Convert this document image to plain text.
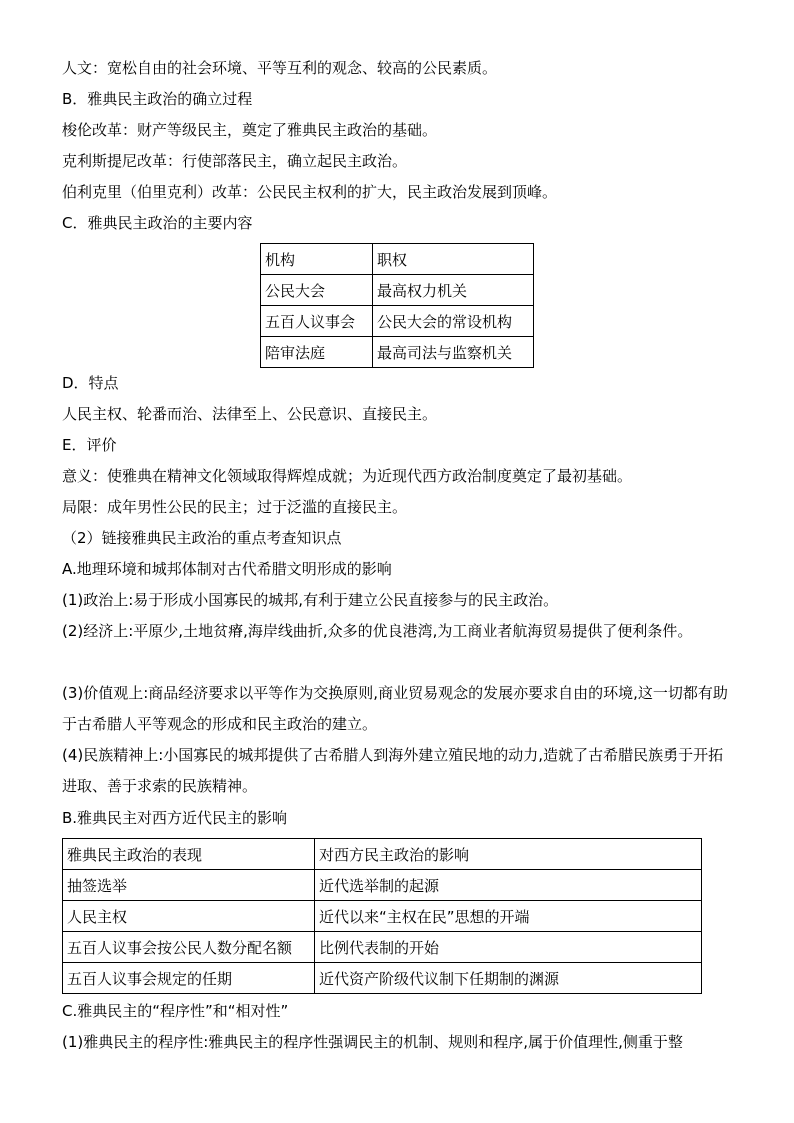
人文：宽松自由的社会环境、平等互利的观念、较高的公民素质。
B．雅典民主政治的确立过程
梭伦改革：财产等级民主，奠定了雅典民主政治的基础。
克利斯提尼改革：行使部落民主，确立起民主政治。
伯利克里（伯里克利）改革：公民民主权利的扩大，民主政治发展到顶峰。
C．雅典民主政治的主要内容
机构	职权
公民大会	最高权力机关
五百人议事会	公民大会的常设机构
陪审法庭	最高司法与监察机关
D．特点
人民主权、轮番而治、法律至上、公民意识、直接民主。
E．评价
意义：使雅典在精神文化领域取得辉煌成就；为近现代西方政治制度奠定了最初基础。
局限：成年男性公民的民主；过于泛滥的直接民主。
（2）链接雅典民主政治的重点考查知识点
A.地理环境和城邦体制对古代希腊文明形成的影响
(1)政治上:易于形成小国寡民的城邦,有利于建立公民直接参与的民主政治。
(2)经济上:平原少,土地贫瘠,海岸线曲折,众多的优良港湾,为工商业者航海贸易提供了便利条件。
(3)价值观上:商品经济要求以平等作为交换原则,商业贸易观念的发展亦要求自由的环境,这一切都有助于古希腊人平等观念的形成和民主政治的建立。
(4)民族精神上:小国寡民的城邦提供了古希腊人到海外建立殖民地的动力,造就了古希腊民族勇于开拓进取、善于求索的民族精神。
B.雅典民主对西方近代民主的影响
雅典民主政治的表现	对西方民主政治的影响
抽签选举	近代选举制的起源
人民主权	近代以来“主权在民”思想的开端
五百人议事会按公民人数分配名额	比例代表制的开始
五百人议事会规定的任期	近代资产阶级代议制下任期制的渊源
C.雅典民主的“程序性”和“相对性”
(1)雅典民主的程序性:雅典民主的程序性强调民主的机制、规则和程序,属于价值理性,侧重于整
